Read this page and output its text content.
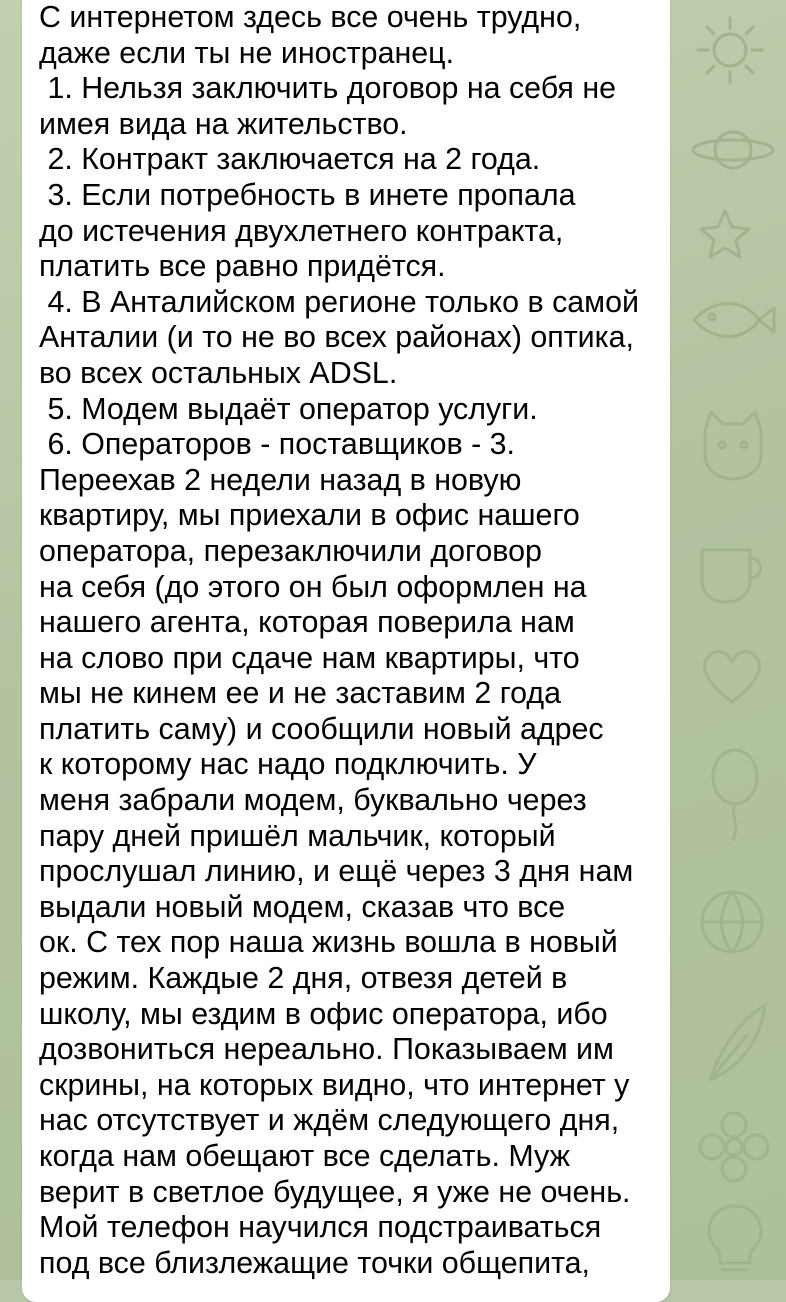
С интернетом здесь все очень трудно,
даже если ты не иностранец.
1. Нельзя заключить договор на себя не
имея вида на жительство.
2. Контракт заключается на 2 года.
3. Если потребность в инете пропала
до истечения двухлетнего контракта,
платить все равно придётся.
4. В Анталийском регионе только в самой
Анталии (и то не во всех районах) оптика,
во всех остальных ADSL.
5. Модем выдаёт оператор услуги.
6. Операторов - поставщиков - 3.
Переехав 2 недели назад в новую
квартиру, мы приехали в офис нашего
оператора, перезаключили договор
на себя (до этого он был оформлен на
нашего агента, которая поверила нам
на слово при сдаче нам квартиры, что
мы не кинем ее и не заставим 2 года
платить саму) и сообщили новый адрес
к которому нас надо подключить. У
меня забрали модем, буквально через
пару дней пришёл мальчик, который
прослушал линию, и ещё через 3 дня нам
выдали новый модем, сказав что все
ок. С тех пор наша жизнь вошла в новый
режим. Каждые 2 дня, отвезя детей в
школу, мы ездим в офис оператора, ибо
дозвониться нереально. Показываем им
скрины, на которых видно, что интернет у
нас отсутствует и ждём следующего дня,
когда нам обещают все сделать. Муж
верит в светлое будущее, я уже не очень.
Мой телефон научился подстраиваться
под все близлежащие точки общепита,
